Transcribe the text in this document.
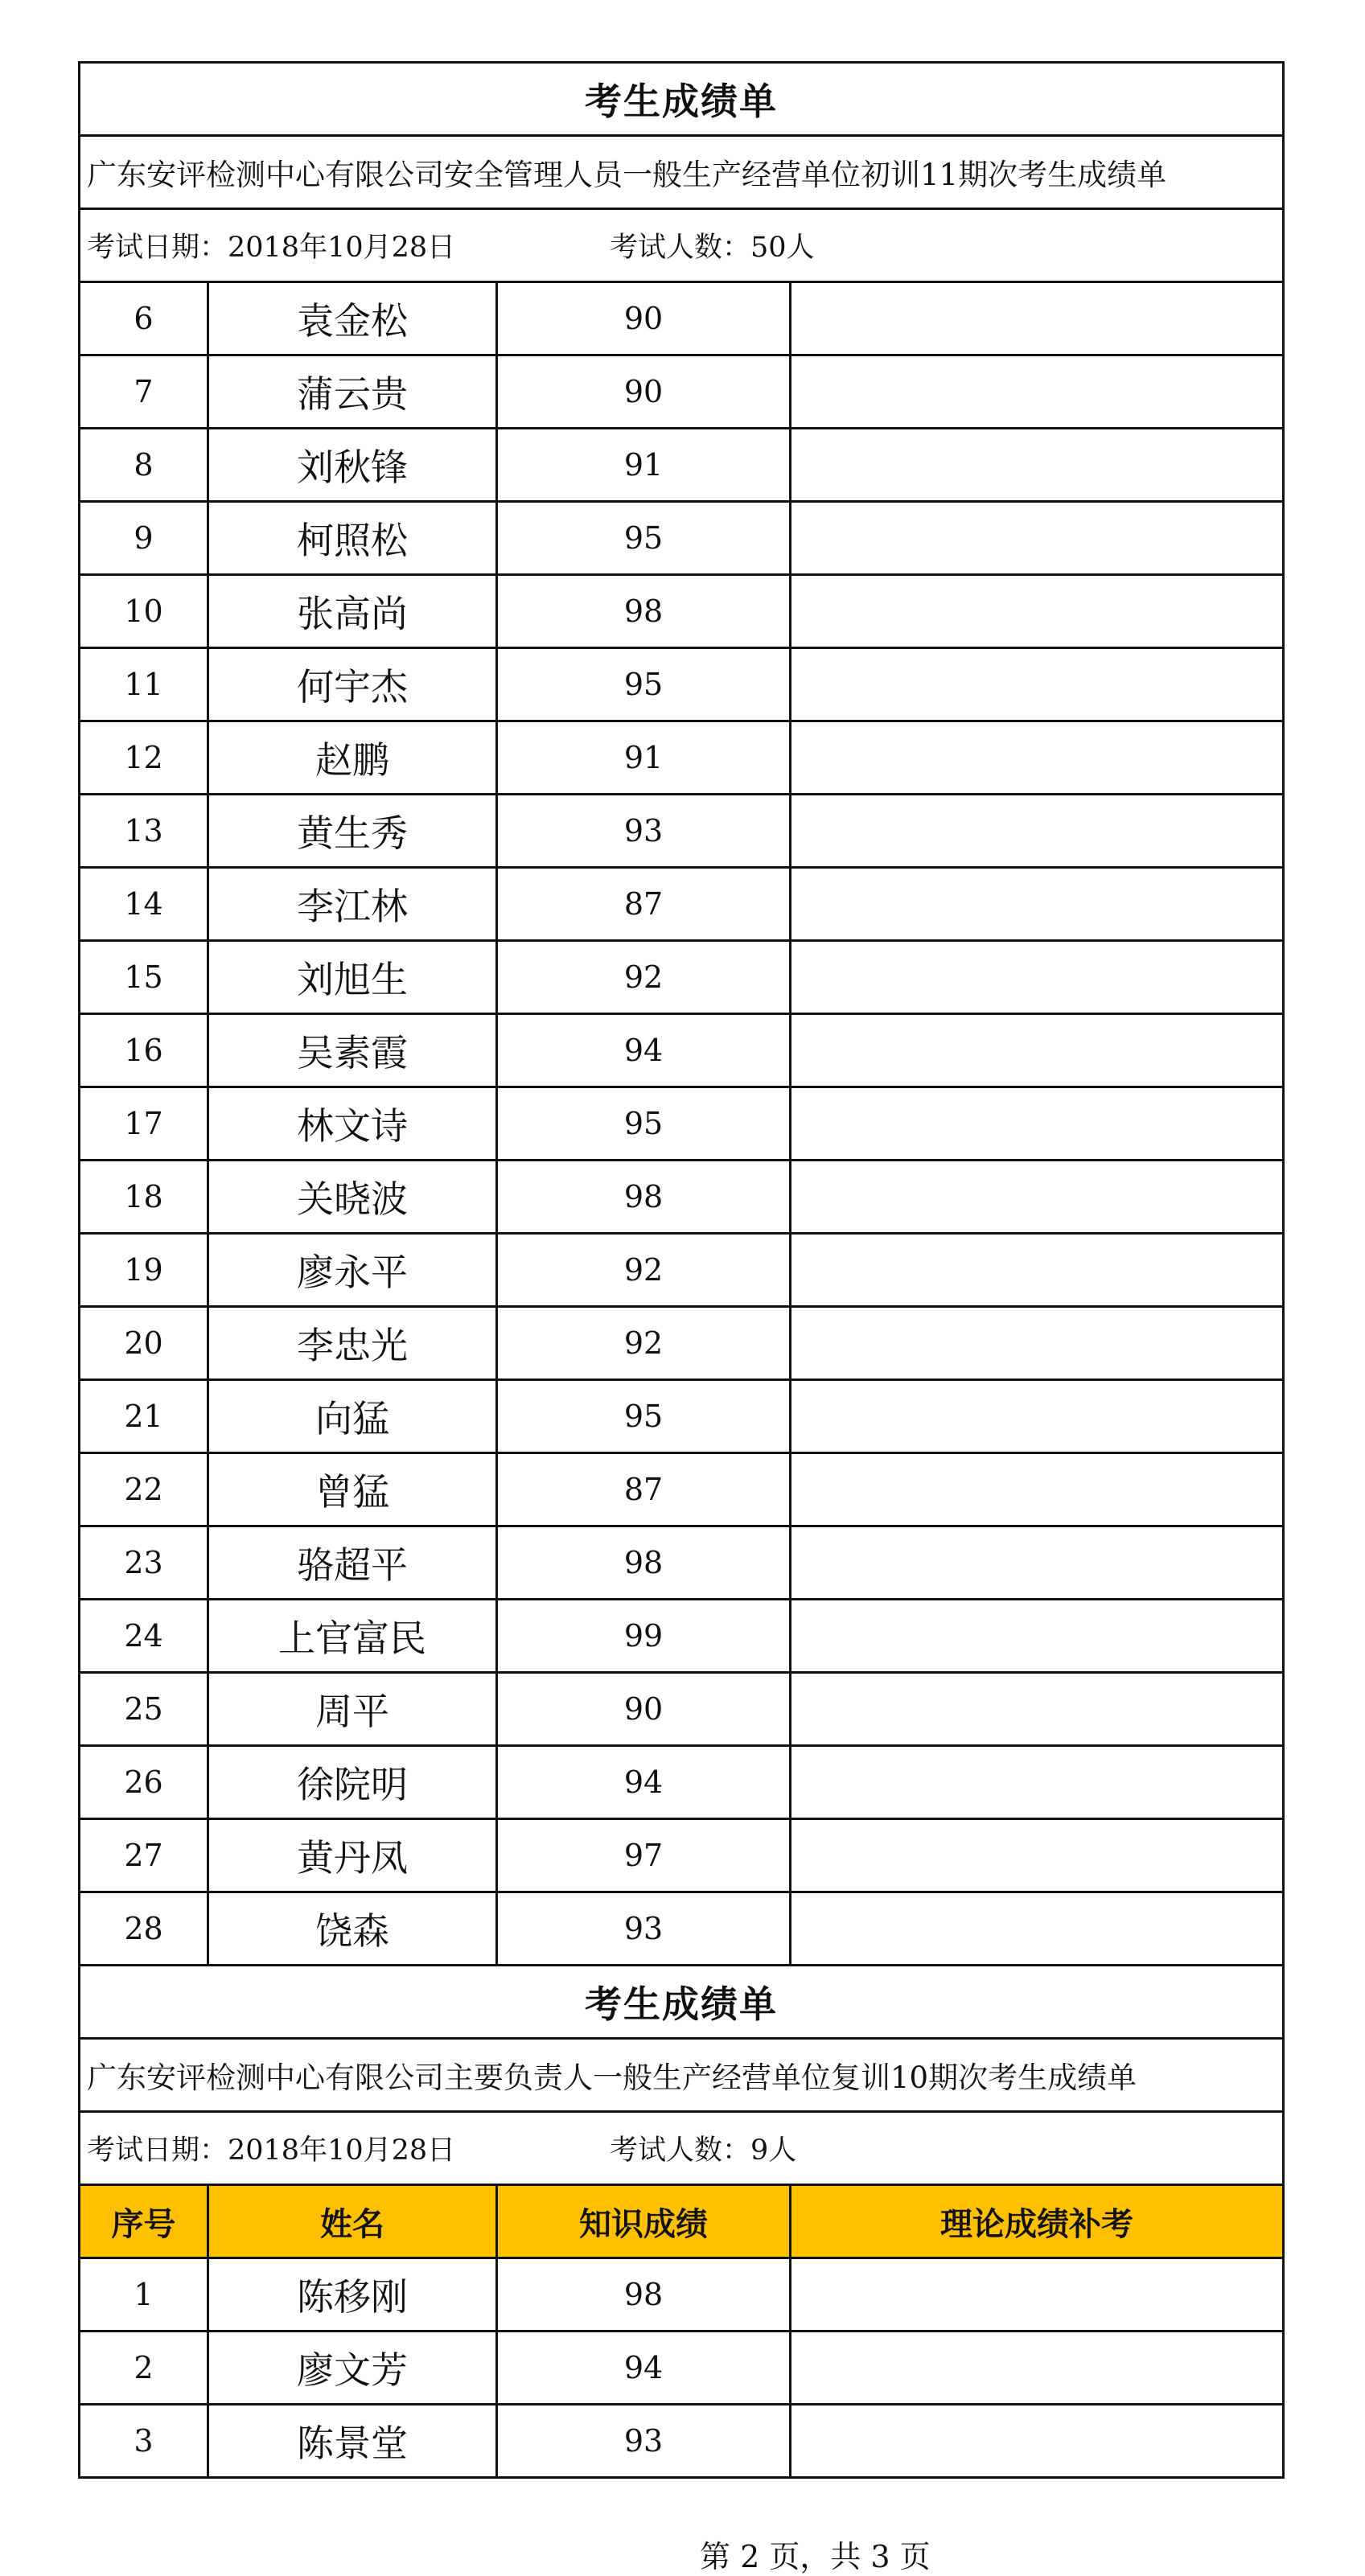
考生成绩单
广东安评检测中心有限公司安全管理人员一般生产经营单位初训11期次考生成绩单
考试日期：2018年10月28日	考试人数：50人
6	袁金松	90
7	蒲云贵	90
8	刘秋锋	91
9	柯照松	95
10	张高尚	98
11	何宇杰	95
12	赵鹏	91
13	黄生秀	93
14	李江林	87
15	刘旭生	92
16	吴素霞	94
17	林文诗	95
18	关晓波	98
19	廖永平	92
20	李忠光	92
21	向猛	95
22	曾猛	87
23	骆超平	98
24	上官富民	99
25	周平	90
26	徐院明	94
27	黄丹凤	97
28	饶森	93
考生成绩单
广东安评检测中心有限公司主要负责人一般生产经营单位复训10期次考生成绩单
考试日期：2018年10月28日	考试人数：9人
序号	姓名	知识成绩	理论成绩补考
1	陈移刚	98
2	廖文芳	94
3	陈景堂	93
第 2 页，共 3 页
